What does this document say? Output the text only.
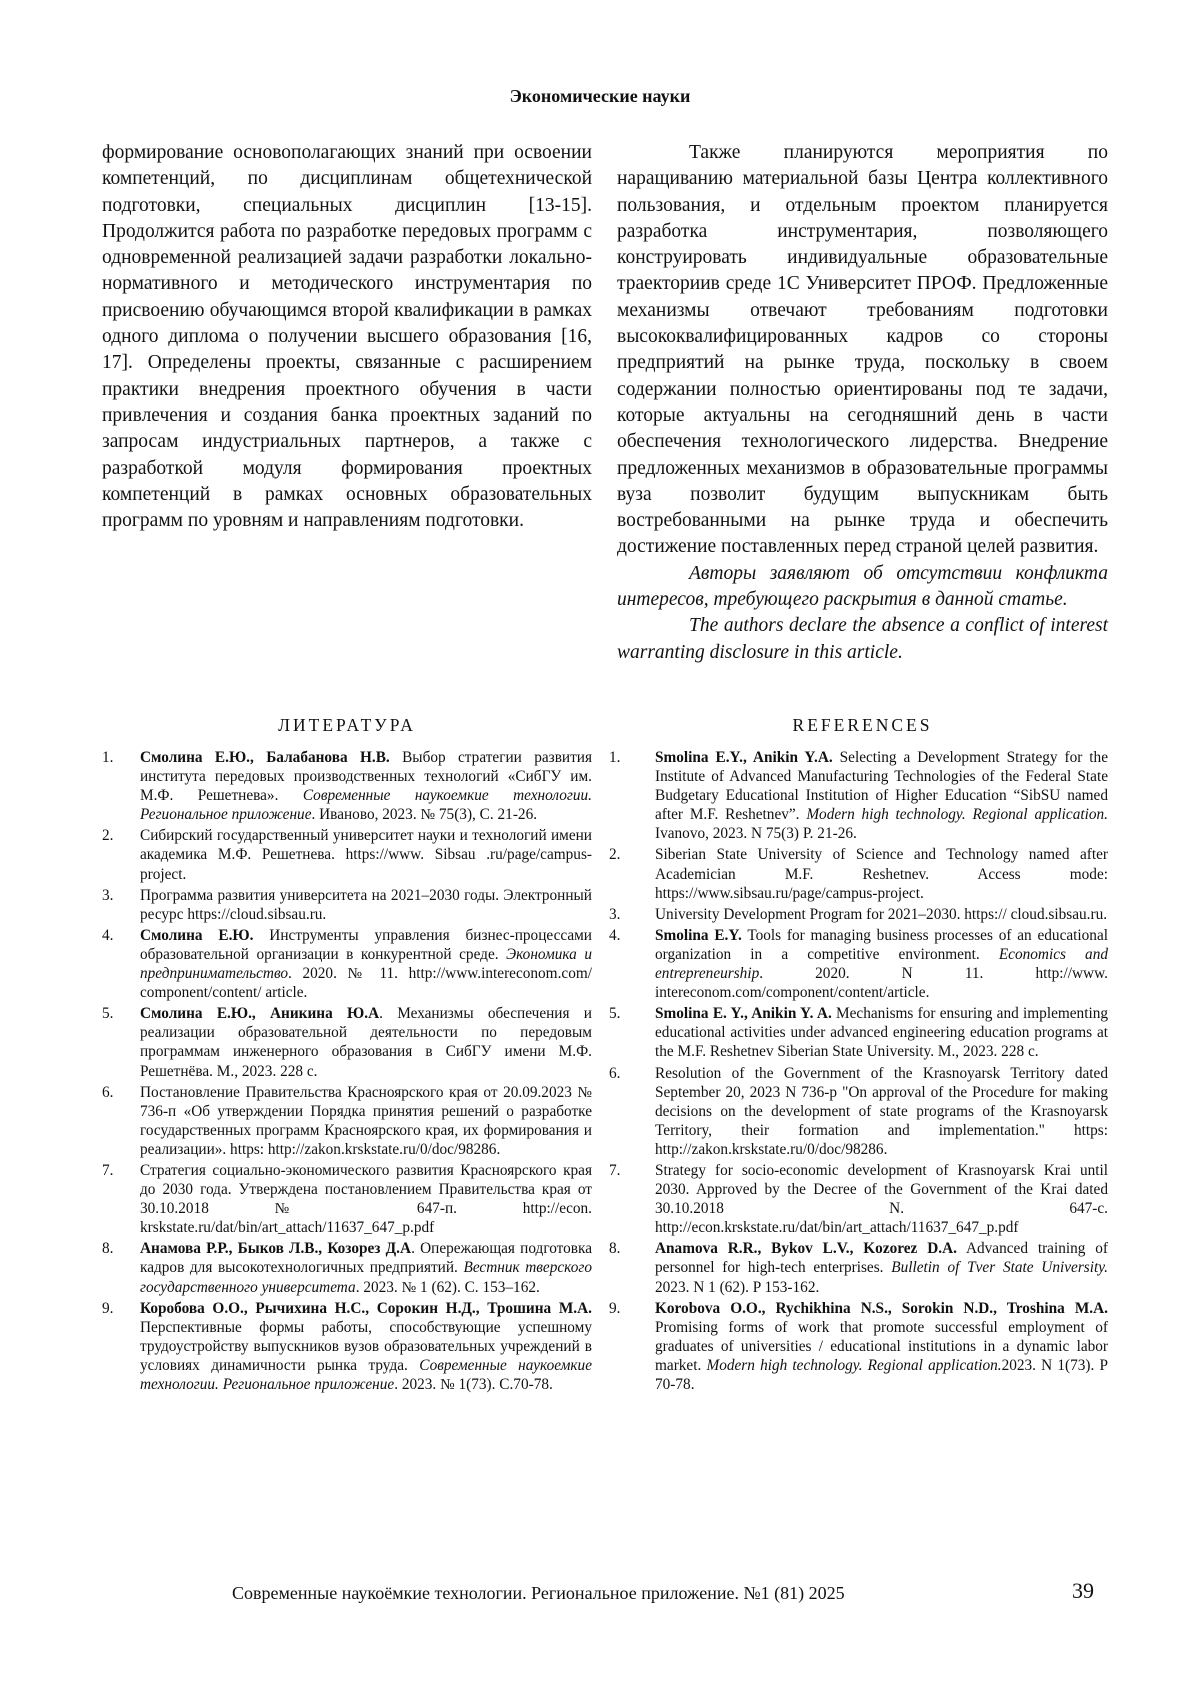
Экономические науки

формирование основополагающих знаний при освоении компетенций, по дисциплинам общетехнической подготовки, специальных дисциплин [13-15]. Продолжится работа по разработке передовых программ с одновременной реализацией задачи разработки локально-нормативного и методического инструментария по присвоению обучающимся второй квалификации в рамках одного диплома о получении высшего образования [16, 17]. Определены проекты, связанные с расширением практики внедрения проектного обучения в части привлечения и создания банка проектных заданий по запросам индустриальных партнеров, а также с разработкой модуля формирования проектных компетенций в рамках основных образовательных программ по уровням и направлениям подготовки.

Также планируются мероприятия по наращиванию материальной базы Центра коллективного пользования, и отдельным проектом планируется разработка инструментария, позволяющего конструировать индивидуальные образовательные траекториив среде 1С Университет ПРОФ. Предложенные механизмы отвечают требованиям подготовки высококвалифицированных кадров со стороны предприятий на рынке труда, поскольку в своем содержании полностью ориентированы под те задачи, которые актуальны на сегодняшний день в части обеспечения технологического лидерства. Внедрение предложенных механизмов в образовательные программы вуза позволит будущим выпускникам быть востребованными на рынке труда и обеспечить достижение поставленных перед страной целей развития.

Авторы заявляют об отсутствии конфликта интересов, требующего раскрытия в данной статье.

The authors declare the absence a conflict of interest warranting disclosure in this article.

ЛИТЕРАТУРА	REFERENCES
1. Смолина Е.Ю., Балабанова Н.В. Выбор стратегии развития института передовых производственных технологий «СибГУ им. М.Ф. Решетнева». Современные наукоемкие технологии. Региональное приложение. Иваново, 2023. № 75(3), С. 21-26.
2. Сибирский государственный университет науки и технологий имени академика М.Ф. Решетнева. https://www. Sibsau .ru/page/campus-project.
3. Программа развития университета на 2021–2030 годы. Электронный ресурс https://cloud.sibsau.ru.
4. Смолина Е.Ю. Инструменты управления бизнес-процессами образовательной организации в конкурентной среде. Экономика и предпринимательство. 2020. № 11. http://www.intereconom.com/ component/content/ article.
5. Смолина Е.Ю., Аникина Ю.А. Механизмы обеспечения и реализации образовательной деятельности по передовым программам инженерного образования в СибГУ имени М.Ф. Решетнёва. М., 2023. 228 с.
6. Постановление Правительства Красноярского края от 20.09.2023 № 736-п «Об утверждении Порядка принятия решений о разработке государственных программ Красноярского края, их формирования и реализации». https: http://zakon.krskstate.ru/0/doc/98286.
7. Стратегия социально-экономического развития Красноярского края до 2030 года. Утверждена постановлением Правительства края от 30.10.2018 № 647-п. http://econ. krskstate.ru/dat/bin/art_attach/11637_647_p.pdf
8. Анамова Р.Р., Быков Л.В., Козорез Д.А. Опережающая подготовка кадров для высокотехнологичных предприятий. Вестник тверского государственного университета. 2023. № 1 (62). С. 153–162.
9. Коробова О.О., Рычихина Н.С., Сорокин Н.Д., Трошина М.А. Перспективные формы работы, способствующие успешному трудоустройству выпускников вузов образовательных учреждений в условиях динамичности рынка труда. Современные наукоемкие технологии. Региональное приложение. 2023. № 1(73). С.70-78.
1. Smolina E.Y., Anikin Y.A. Selecting a Development Strategy for the Institute of Advanced Manufacturing Technologies of the Federal State Budgetary Educational Institution of Higher Education “SibSU named after M.F. Reshetnev”. Modern high technology. Regional application. Ivanovo, 2023. N 75(3) P. 21-26.
2. Siberian State University of Science and Technology named after Academician M.F. Reshetnev. Access mode: https://www.sibsau.ru/page/campus-project.
3. University Development Program for 2021–2030. https:// cloud.sibsau.ru.
4. Smolina E.Y. Tools for managing business processes of an educational organization in a competitive environment. Economics and entrepreneurship. 2020. N 11. http://www. intereconom.com/component/content/article.
5. Smolina E. Y., Anikin Y. A. Mechanisms for ensuring and implementing educational activities under advanced engineering education programs at the M.F. Reshetnev Siberian State University. M., 2023. 228 с.
6. Resolution of the Government of the Krasnoyarsk Territory dated September 20, 2023 N 736-p "On approval of the Procedure for making decisions on the development of state programs of the Krasnoyarsk Territory, their formation and implementation." https: http://zakon.krskstate.ru/0/doc/98286.
7. Strategy for socio-economic development of Krasnoyarsk Krai until 2030. Approved by the Decree of the Government of the Krai dated 30.10.2018 N. 647-с. http://econ.krskstate.ru/dat/bin/art_attach/11637_647_p.pdf
8. Anamova R.R., Bykov L.V., Kozorez D.A. Advanced training of personnel for high-tech enterprises. Bulletin of Tver State University. 2023. N 1 (62). P 153-162.
9. Korobova O.O., Rychikhina N.S., Sorokin N.D., Troshina M.A. Promising forms of work that promote successful employment of graduates of universities / educational institutions in a dynamic labor market. Modern high technology. Regional application.2023. N 1(73). P 70-78.
Современные наукоёмкие технологии. Региональное приложение. №1 (81) 2025	39
